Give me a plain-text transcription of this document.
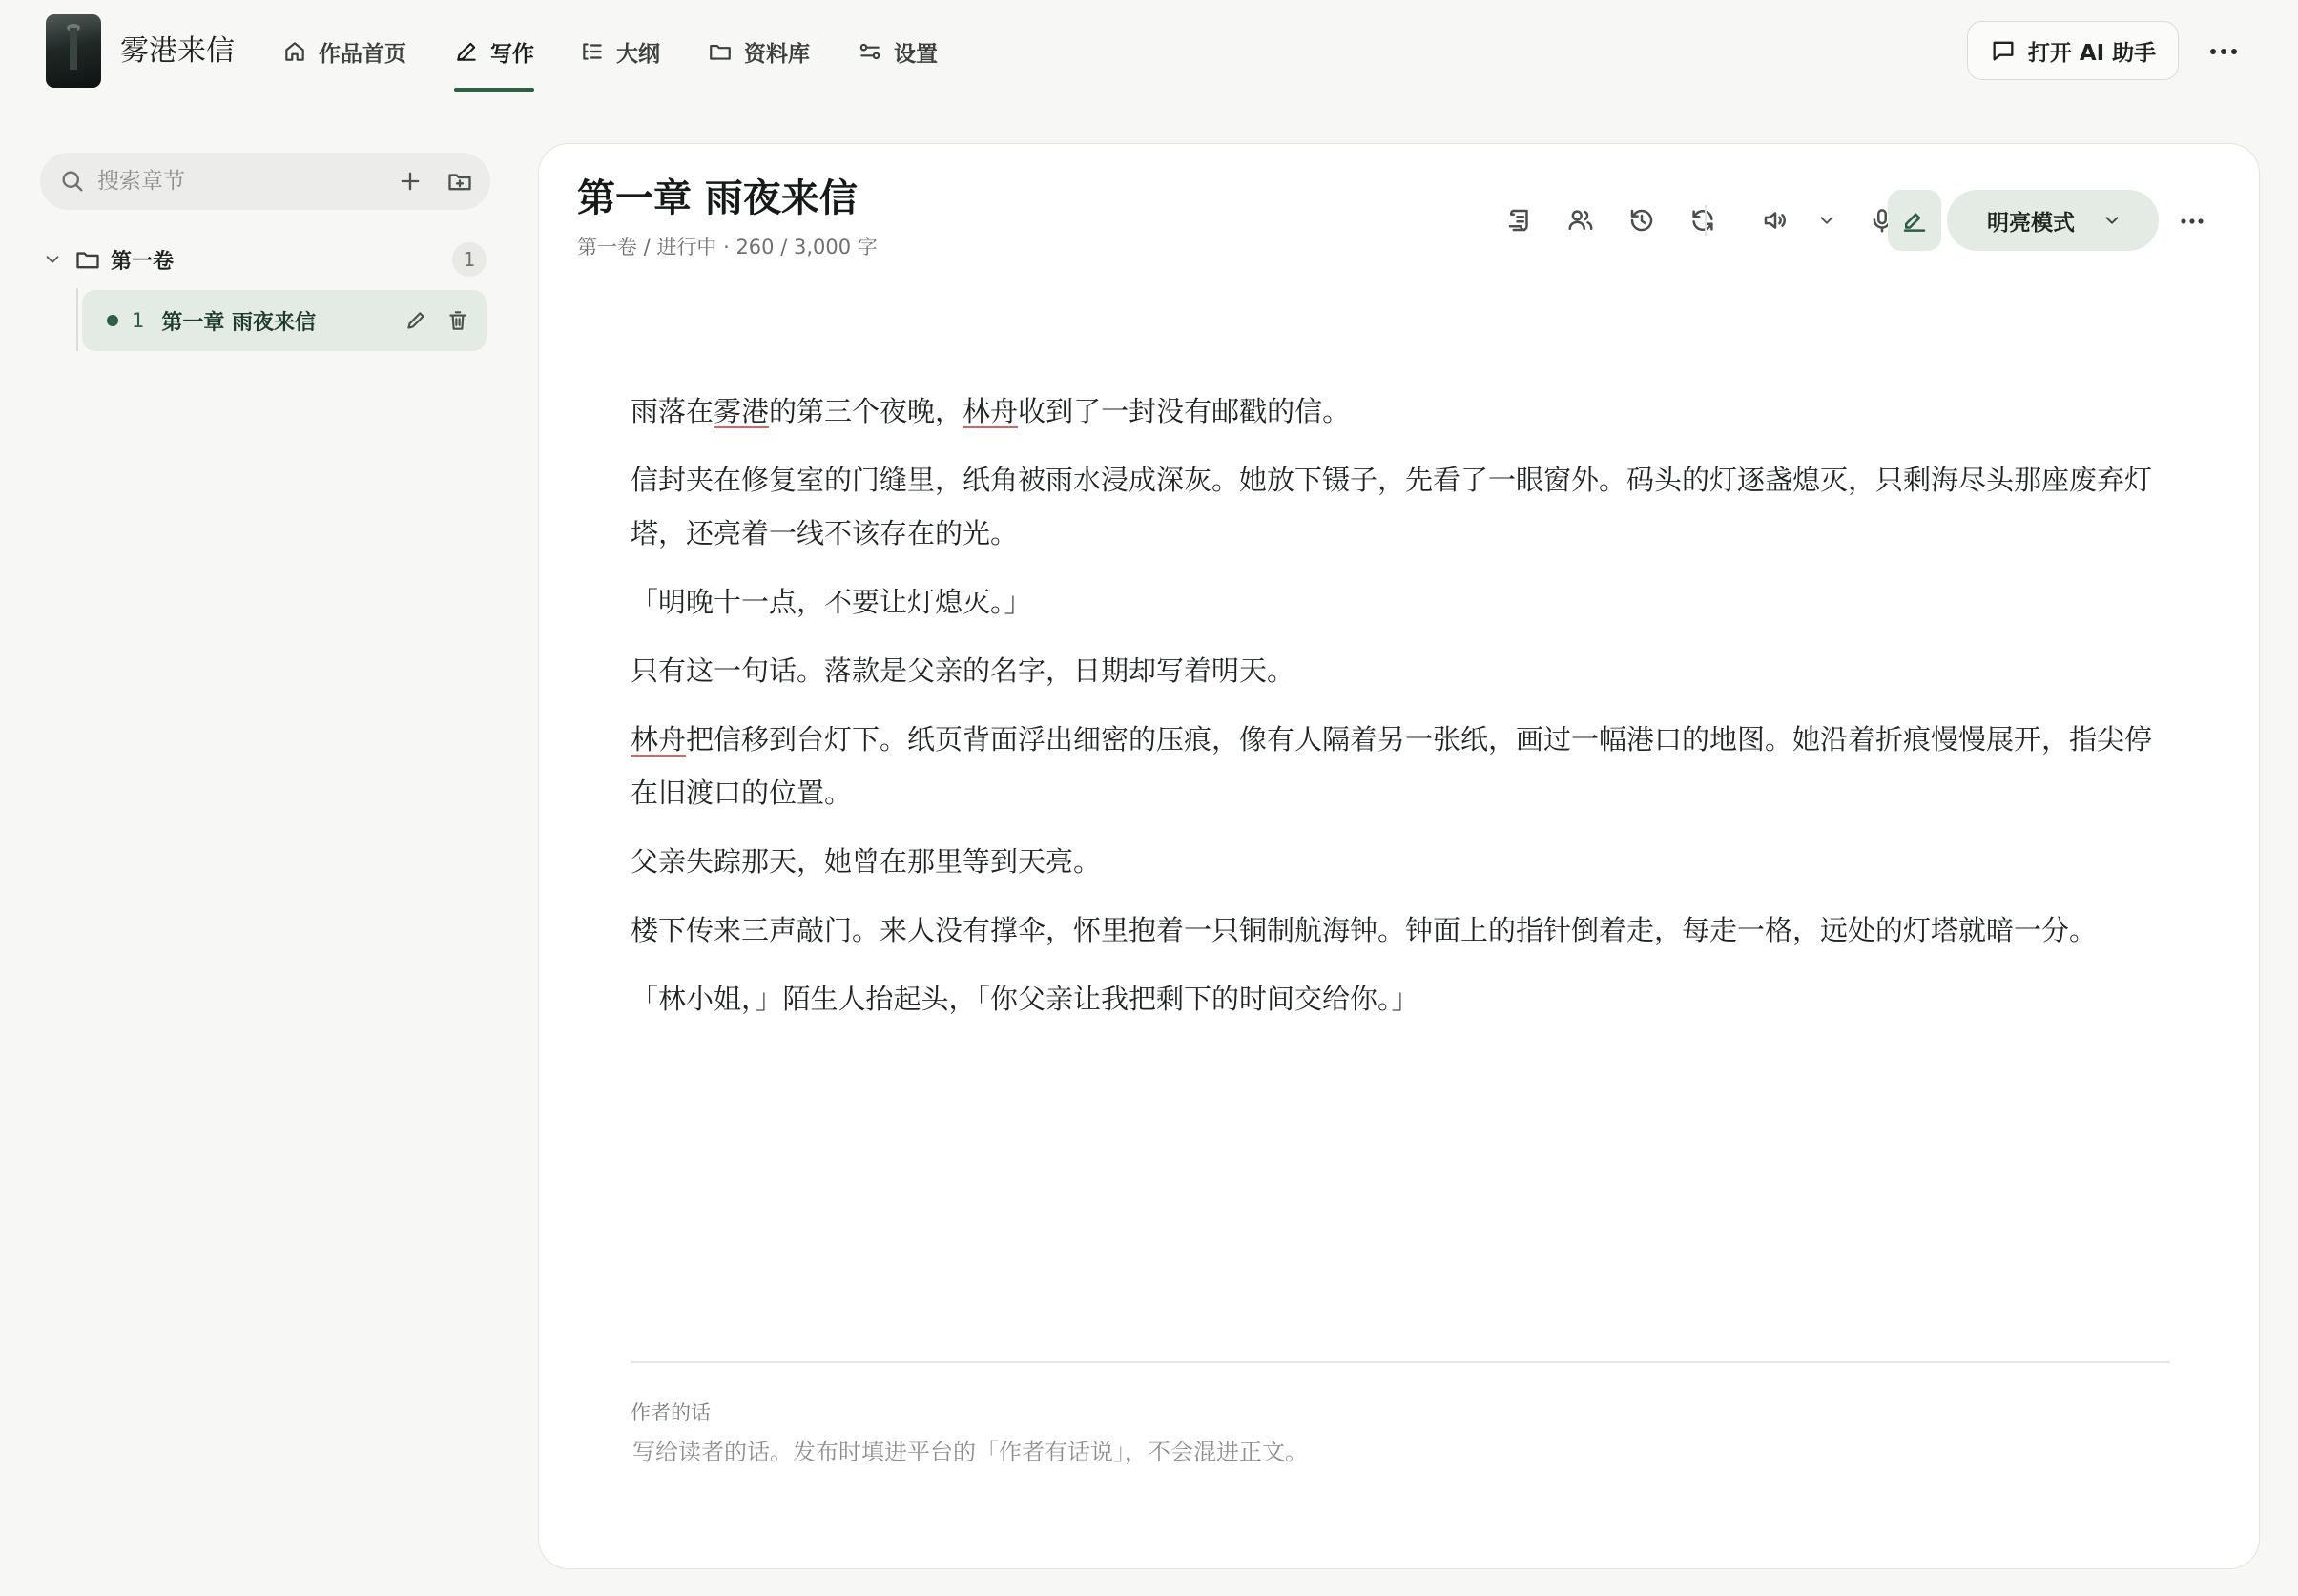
雾港来信	作品首页	写作	大纲	资料库	设置	打开 AI 助手
搜索章节
第一卷	1
1 第一章 雨夜来信
第一章 雨夜来信
第一卷 / 进行中 · 260 / 3,000 字
明亮模式

雨落在雾港的第三个夜晚，林舟收到了一封没有邮戳的信。

信封夹在修复室的门缝里，纸角被雨水浸成深灰。她放下镊子，先看了一眼窗外。码头的灯逐盏熄灭，只剩海尽头那座废弃灯塔，还亮着一线不该存在的光。

「明晚十一点，不要让灯熄灭。」

只有这一句话。落款是父亲的名字，日期却写着明天。

林舟把信移到台灯下。纸页背面浮出细密的压痕，像有人隔着另一张纸，画过一幅港口的地图。她沿着折痕慢慢展开，指尖停在旧渡口的位置。

父亲失踪那天，她曾在那里等到天亮。

楼下传来三声敲门。来人没有撑伞，怀里抱着一只铜制航海钟。钟面上的指针倒着走，每走一格，远处的灯塔就暗一分。

「林小姐，」陌生人抬起头，「你父亲让我把剩下的时间交给你。」

作者的话
写给读者的话。发布时填进平台的「作者有话说」，不会混进正文。
